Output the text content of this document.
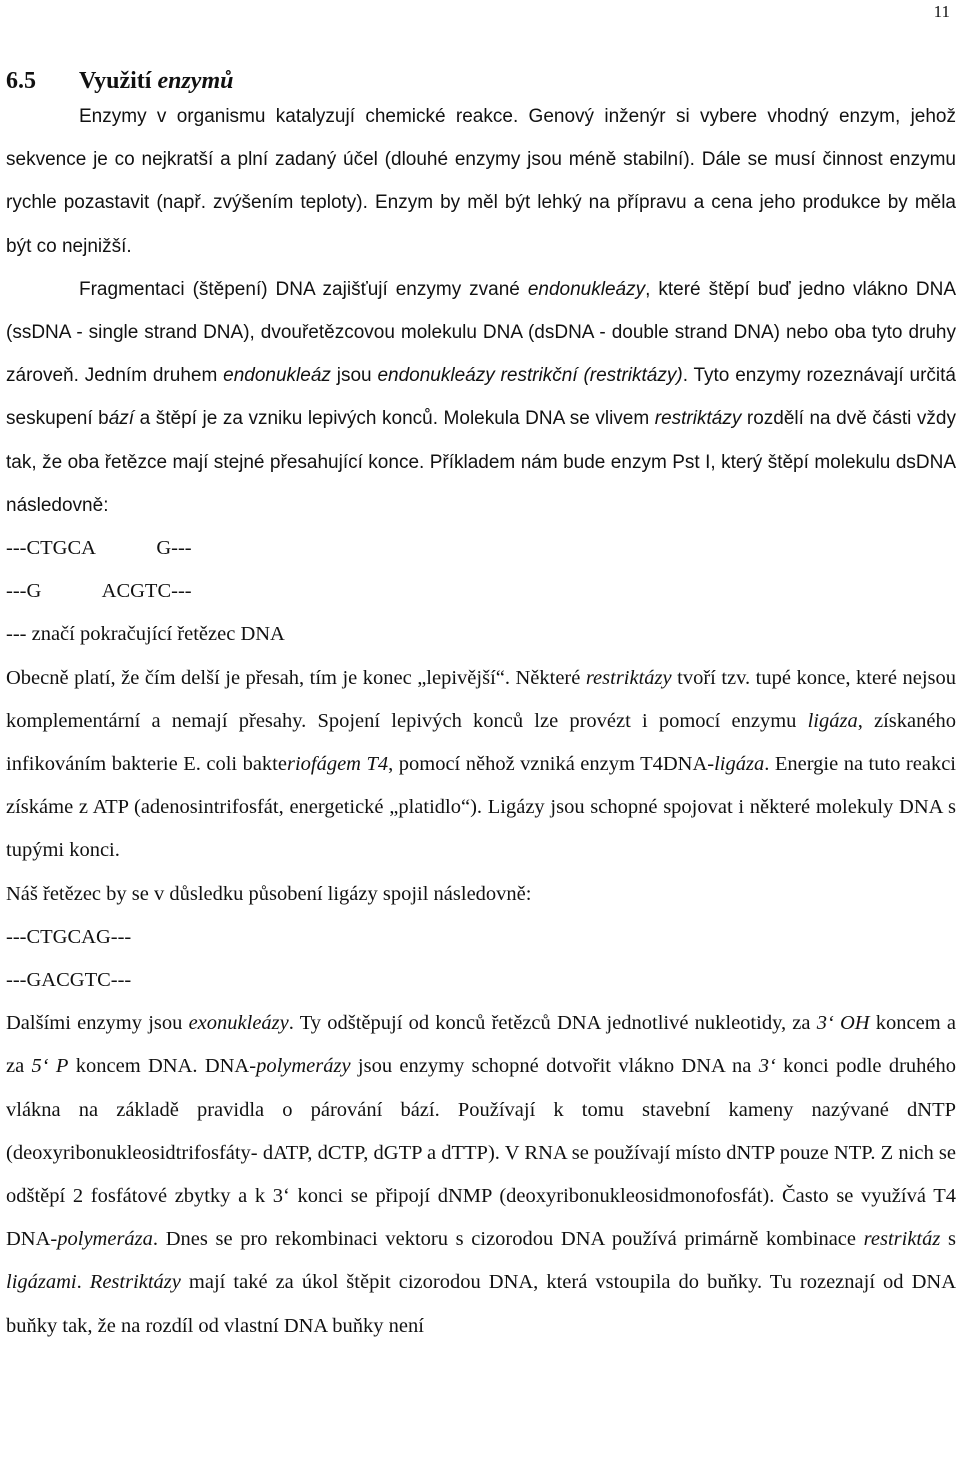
11
6.5 Využití enzymů

Enzymy v organismu katalyzují chemické reakce. Genový inženýr si vybere vhodný enzym, jehož sekvence je co nejkratší a plní zadaný účel (dlouhé enzymy jsou méně stabilní). Dále se musí činnost enzymu rychle pozastavit (např. zvýšením teploty). Enzym by měl být lehký na přípravu a cena jeho produkce by měla být co nejnižší.

Fragmentaci (štěpení) DNA zajišťují enzymy zvané endonukleázy, které štěpí buď jedno vlákno DNA (ssDNA - single strand DNA), dvouřetězcovou molekulu DNA (dsDNA - double strand DNA) nebo oba tyto druhy zároveň. Jedním druhem endonukleáz jsou endonukleázy restrikční (restriktázy). Tyto enzymy rozeznávají určitá seskupení bází a štěpí je za vzniku lepivých konců. Molekula DNA se vlivem restriktázy rozdělí na dvě části vždy tak, že oba řetězce mají stejné přesahující konce. Příkladem nám bude enzym Pst I, který štěpí molekulu dsDNA následovně:

---CTGCA            G---
---G            ACGTC---
--- značí pokračující řetězec DNA

Obecně platí, že čím delší je přesah, tím je konec „lepivější“. Některé restriktázy tvoří tzv. tupé konce, které nejsou komplementární a nemají přesahy. Spojení lepivých konců lze provézt i pomocí enzymu ligáza, získaného infikováním bakterie E. coli bakteriofágem T4, pomocí něhož vzniká enzym T4DNA-ligáza. Energie na tuto reakci získáme z ATP (adenosintrifosfát, energetické „platidlo“). Ligázy jsou schopné spojovat i některé molekuly DNA s tupými konci.

Náš řetězec by se v důsledku působení ligázy spojil následovně:

---CTGCAG---
---GACGTC---

Dalšími enzymy jsou exonukleázy. Ty odštěpují od konců řetězců DNA jednotlivé nukleotidy, za 3‘ OH koncem a za 5‘ P koncem DNA. DNA-polymerázy jsou enzymy schopné dotvořit vlákno DNA na 3‘ konci podle druhého vlákna na základě pravidla o párování bází. Používají k tomu stavební kameny nazývané dNTP (deoxyribonukleosidtrifosfáty- dATP, dCTP, dGTP a dTTP). V RNA se používají místo dNTP pouze NTP. Z nich se odštěpí 2 fosfátové zbytky a k 3‘ konci se připojí dNMP (deoxyribonukleosidmonofosfát). Často se využívá T4 DNA-polymeráza. Dnes se pro rekombinaci vektoru s cizorodou DNA používá primárně kombinace restriktáz s ligázami. Restriktázy mají také za úkol štěpit cizorodou DNA, která vstoupila do buňky. Tu rozeznají od DNA buňky tak, že na rozdíl od vlastní DNA buňky není
